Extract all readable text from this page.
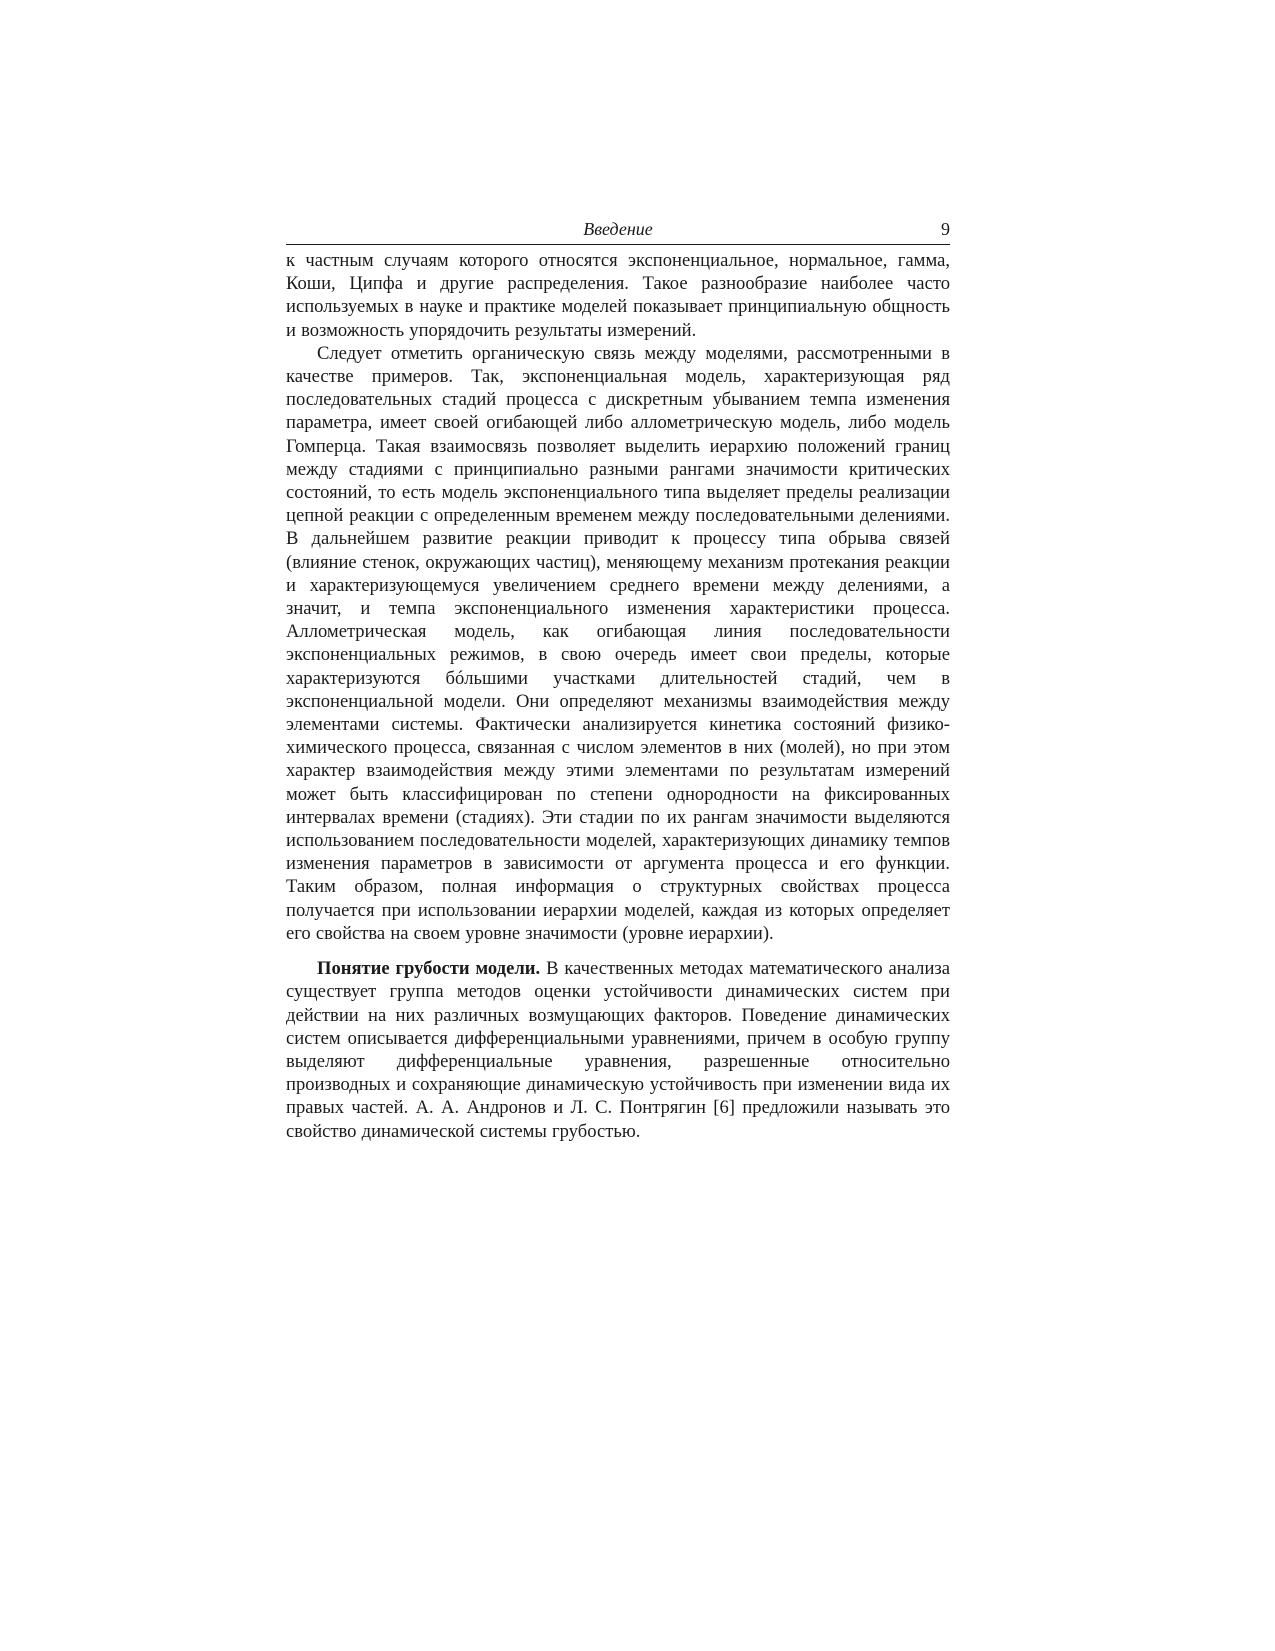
Введение	9

к частным случаям которого относятся экспоненциальное, нормальное, гамма, Коши, Ципфа и другие распределения. Такое разнообразие наиболее часто используемых в науке и практике моделей показывает принципиальную общность и возможность упорядочить результаты измерений.

Следует отметить органическую связь между моделями, рассмотренными в качестве примеров. Так, экспоненциальная модель, характеризующая ряд последовательных стадий процесса с дискретным убыванием темпа изменения параметра, имеет своей огибающей либо аллометрическую модель, либо модель Гомперца. Такая взаимосвязь позволяет выделить иерархию положений границ между стадиями с принципиально разными рангами значимости критических состояний, то есть модель экспоненциального типа выделяет пределы реализации цепной реакции с определенным временем между последовательными делениями. В дальнейшем развитие реакции приводит к процессу типа обрыва связей (влияние стенок, окружающих частиц), меняющему механизм протекания реакции и характеризующемуся увеличением среднего времени между делениями, а значит, и темпа экспоненциального изменения характеристики процесса. Аллометрическая модель, как огибающая линия последовательности экспоненциальных режимов, в свою очередь имеет свои пределы, которые характеризуются бóльшими участками длительностей стадий, чем в экспоненциальной модели. Они определяют механизмы взаимодействия между элементами системы. Фактически анализируется кинетика состояний физико-химического процесса, связанная с числом элементов в них (молей), но при этом характер взаимодействия между этими элементами по результатам измерений может быть классифицирован по степени однородности на фиксированных интервалах времени (стадиях). Эти стадии по их рангам значимости выделяются использованием последовательности моделей, характеризующих динамику темпов изменения параметров в зависимости от аргумента процесса и его функции. Таким образом, полная информация о структурных свойствах процесса получается при использовании иерархии моделей, каждая из которых определяет его свойства на своем уровне значимости (уровне иерархии).

Понятие грубости модели. В качественных методах математического анализа существует группа методов оценки устойчивости динамических систем при действии на них различных возмущающих факторов. Поведение динамических систем описывается дифференциальными уравнениями, причем в особую группу выделяют дифференциальные уравнения, разрешенные относительно производных и сохраняющие динамическую устойчивость при изменении вида их правых частей. А. А. Андронов и Л. С. Понтрягин [6] предложили называть это свойство динамической системы грубостью.
